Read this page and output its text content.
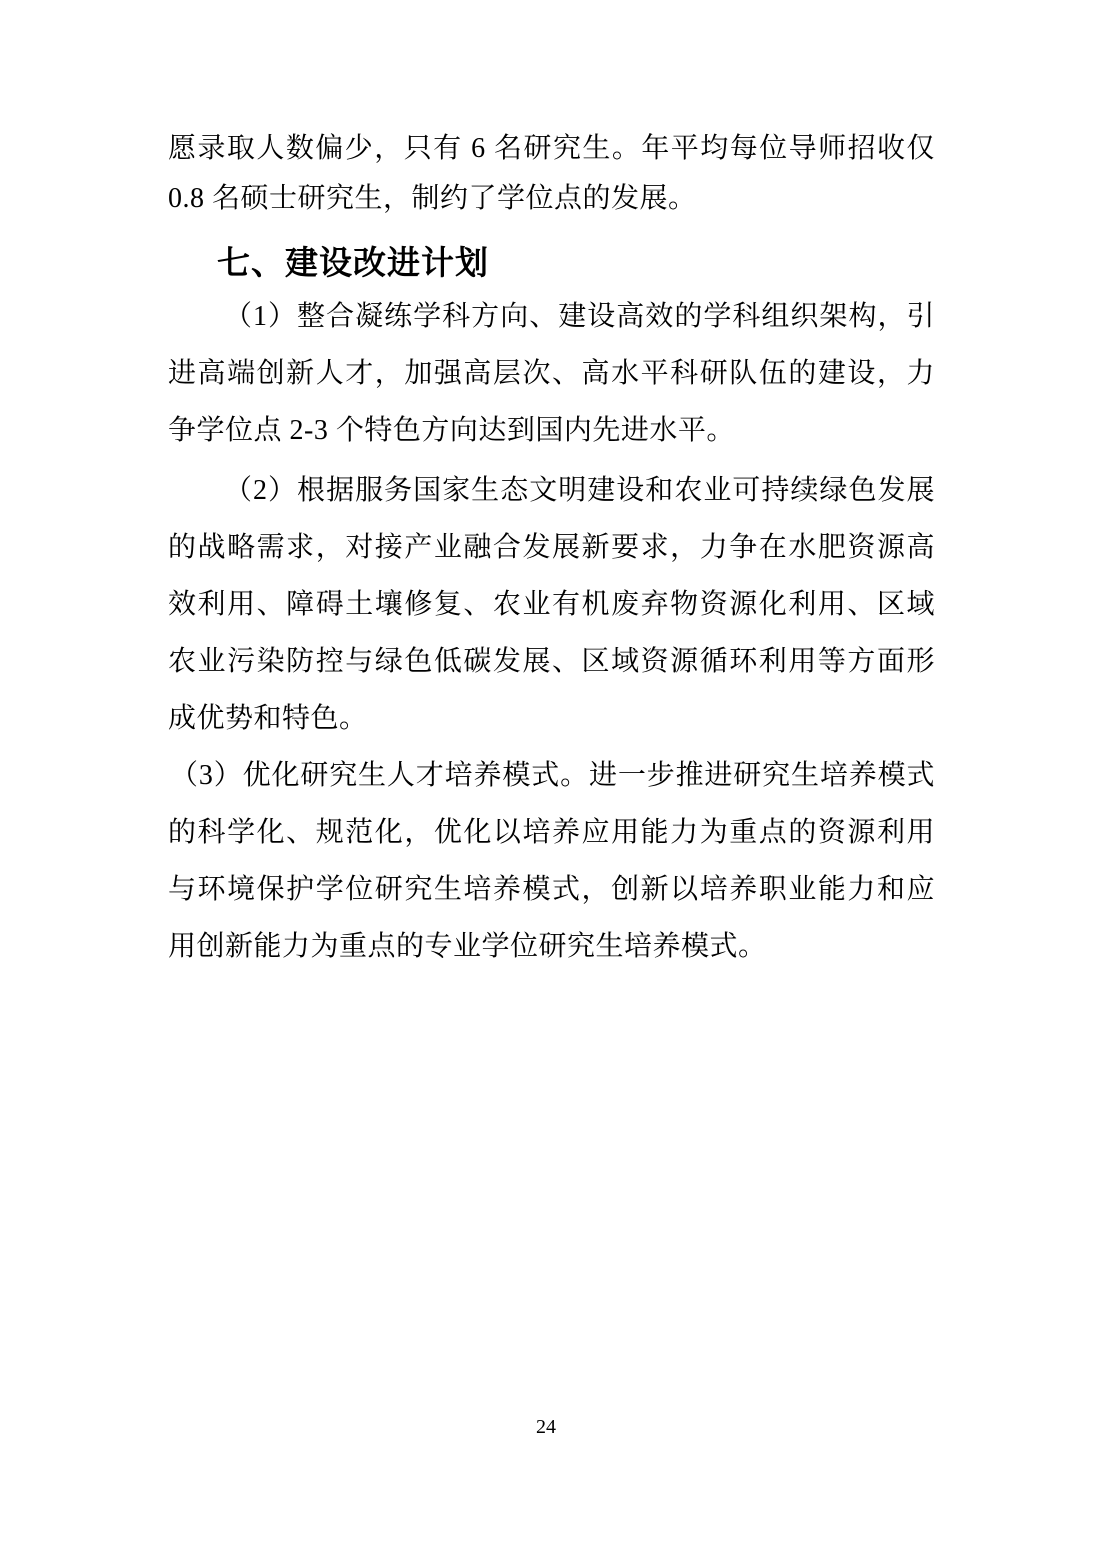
愿录取人数偏少，只有 6 名研究生。年平均每位导师招收仅 0.8 名硕士研究生，制约了学位点的发展。

七、建设改进计划

（1）整合凝练学科方向、建设高效的学科组织架构，引进高端创新人才，加强高层次、高水平科研队伍的建设，力争学位点 2-3 个特色方向达到国内先进水平。

（2）根据服务国家生态文明建设和农业可持续绿色发展的战略需求，对接产业融合发展新要求，力争在水肥资源高效利用、障碍土壤修复、农业有机废弃物资源化利用、区域农业污染防控与绿色低碳发展、区域资源循环利用等方面形成优势和特色。

（3）优化研究生人才培养模式。进一步推进研究生培养模式的科学化、规范化，优化以培养应用能力为重点的资源利用与环境保护学位研究生培养模式，创新以培养职业能力和应用创新能力为重点的专业学位研究生培养模式。

24
